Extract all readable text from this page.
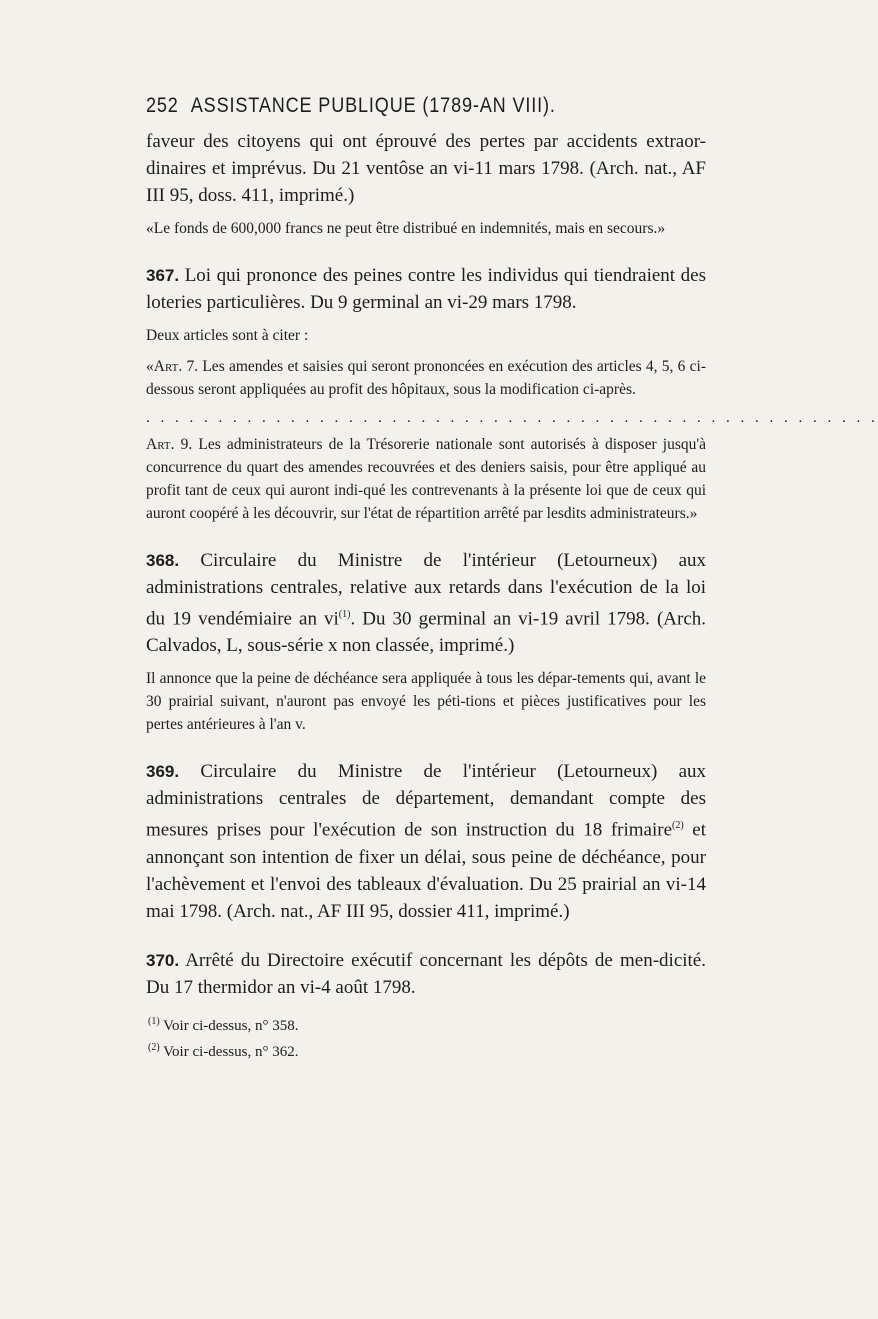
252 ASSISTANCE PUBLIQUE (1789-AN VIII).

faveur des citoyens qui ont éprouvé des pertes par accidents extraor-dinaires et imprévus. Du 21 ventôse an vi-11 mars 1798. (Arch. nat., AF III 95, doss. 411, imprimé.)

«Le fonds de 600,000 francs ne peut être distribué en indemnités, mais en secours.»

367. Loi qui prononce des peines contre les individus qui tiendraient des loteries particulières. Du 9 germinal an vi-29 mars 1798.

Deux articles sont à citer :

«Art. 7. Les amendes et saisies qui seront prononcées en exécution des articles 4, 5, 6 ci-dessous seront appliquées au profit des hôpitaux, sous la modification ci-après.

. . . . . . . . . . . . . . . . . . . . . . . . . . . . . . . . . . . . . . . . . . . . . . . . . . .

Art. 9. Les administrateurs de la Trésorerie nationale sont autorisés à disposer jusqu'à concurrence du quart des amendes recouvrées et des deniers saisis, pour être appliqué au profit tant de ceux qui auront indi-qué les contrevenants à la présente loi que de ceux qui auront coopéré à les découvrir, sur l'état de répartition arrêté par lesdits administrateurs.»

368. Circulaire du Ministre de l'intérieur (Letourneux) aux administrations centrales, relative aux retards dans l'exécution de la loi du 19 vendémiaire an $vi^{(1)}$. Du 30 germinal an vi-19 avril 1798. (Arch. Calvados, L, sous-série x non classée, imprimé.)

Il annonce que la peine de déchéance sera appliquée à tous les dépar-tements qui, avant le 30 prairial suivant, n'auront pas envoyé les péti-tions et pièces justificatives pour les pertes antérieures à l'an v.

369. Circulaire du Ministre de l'intérieur (Letourneux) aux administrations centrales de département, demandant compte des mesures prises pour l'exécution de son instruction du 18 frimaire$^{(2)}$ et annonçant son intention de fixer un délai, sous peine de déchéance, pour l'achèvement et l'envoi des tableaux d'évaluation. Du 25 prairial an vi-14 mai 1798. (Arch. nat., AF III 95, dossier 411, imprimé.)

370. Arrêté du Directoire exécutif concernant les dépôts de men-dicité. Du 17 thermidor an vi-4 août 1798.

$^{(1)}$ Voir ci-dessus, n° 358.
$^{(2)}$ Voir ci-dessus, n° 362.
